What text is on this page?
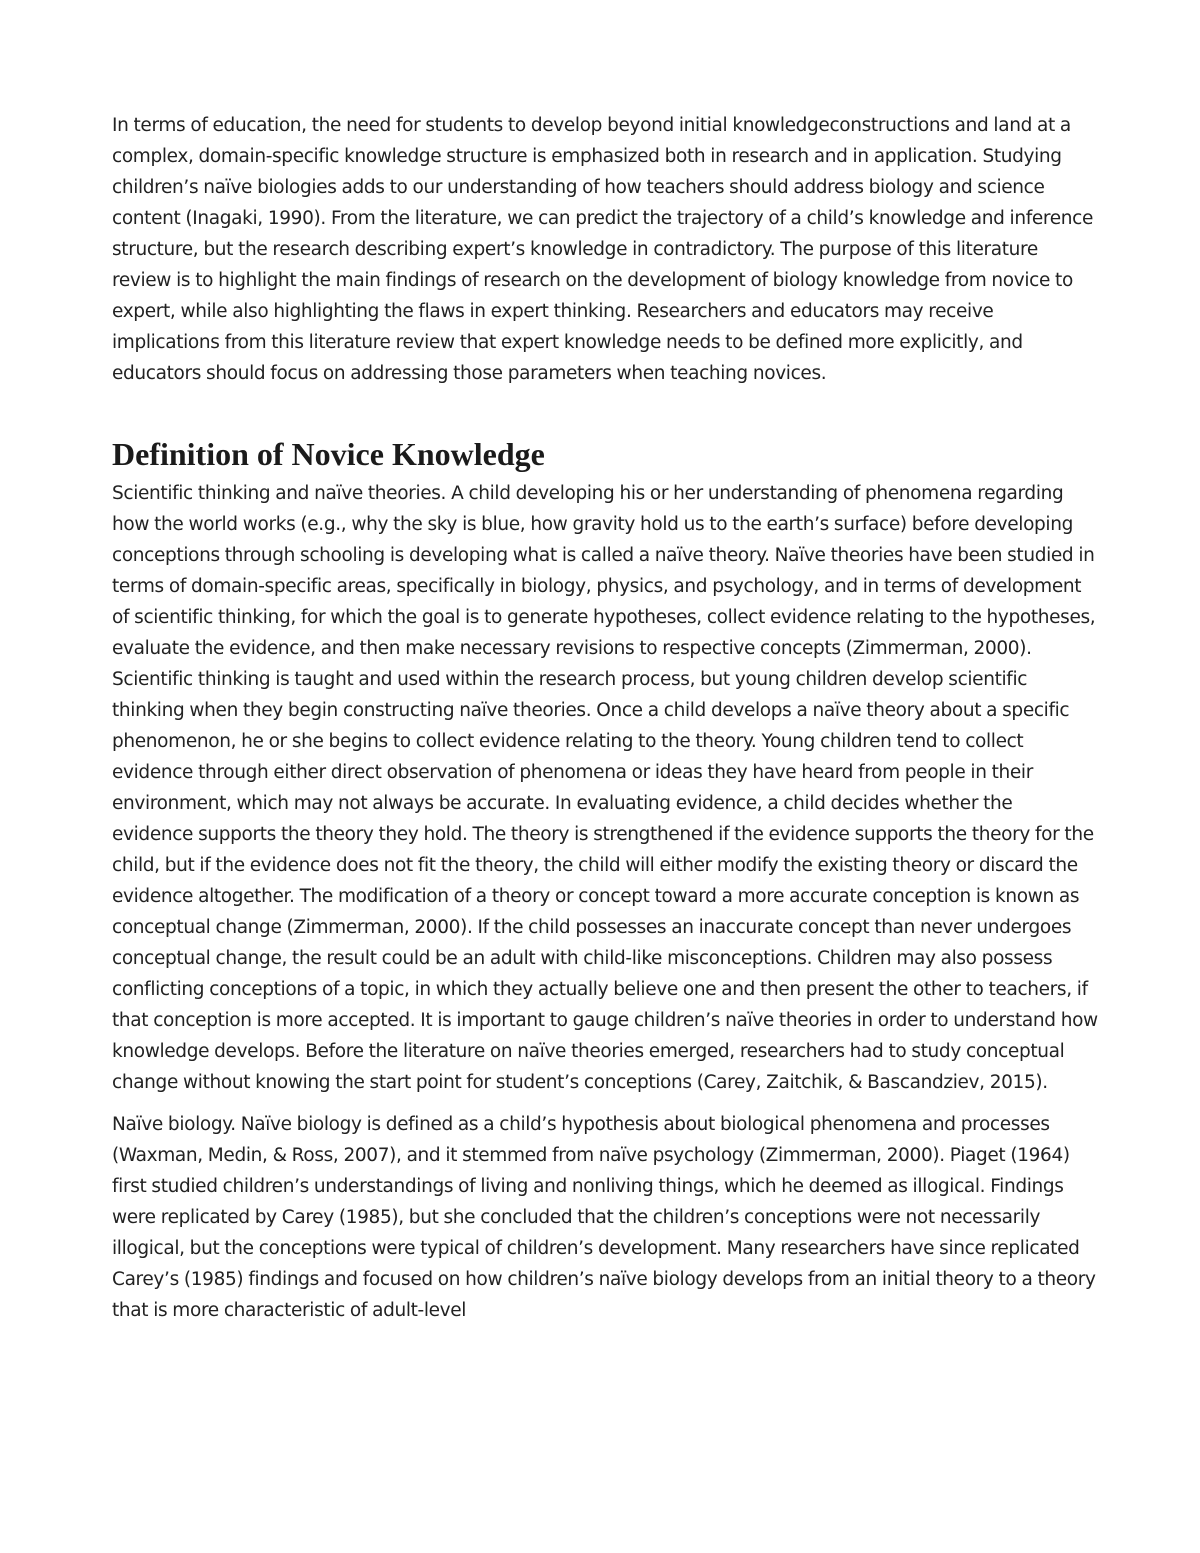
In terms of education, the need for students to develop beyond initial knowledgeconstructions and land at a complex, domain-specific knowledge structure is emphasized both in research and in application. Studying children’s naïve biologies adds to our understanding of how teachers should address biology and science content (Inagaki, 1990). From the literature, we can predict the trajectory of a child’s knowledge and inference structure, but the research describing expert’s knowledge in contradictory. The purpose of this literature review is to highlight the main findings of research on the development of biology knowledge from novice to expert, while also highlighting the flaws in expert thinking. Researchers and educators may receive implications from this literature review that expert knowledge needs to be defined more explicitly, and educators should focus on addressing those parameters when teaching novices.

Definition of Novice Knowledge

Scientific thinking and naïve theories. A child developing his or her understanding of phenomena regarding how the world works (e.g., why the sky is blue, how gravity hold us to the earth’s surface) before developing conceptions through schooling is developing what is called a naïve theory. Naïve theories have been studied in terms of domain-specific areas, specifically in biology, physics, and psychology, and in terms of development of scientific thinking, for which the goal is to generate hypotheses, collect evidence relating to the hypotheses, evaluate the evidence, and then make necessary revisions to respective concepts (Zimmerman, 2000). Scientific thinking is taught and used within the research process, but young children develop scientific thinking when they begin constructing naïve theories. Once a child develops a naïve theory about a specific phenomenon, he or she begins to collect evidence relating to the theory. Young children tend to collect evidence through either direct observation of phenomena or ideas they have heard from people in their environment, which may not always be accurate. In evaluating evidence, a child decides whether the evidence supports the theory they hold. The theory is strengthened if the evidence supports the theory for the child, but if the evidence does not fit the theory, the child will either modify the existing theory or discard the evidence altogether. The modification of a theory or concept toward a more accurate conception is known as conceptual change (Zimmerman, 2000). If the child possesses an inaccurate concept than never undergoes conceptual change, the result could be an adult with child-like misconceptions. Children may also possess conflicting conceptions of a topic, in which they actually believe one and then present the other to teachers, if that conception is more accepted. It is important to gauge children’s naïve theories in order to understand how knowledge develops. Before the literature on naïve theories emerged, researchers had to study conceptual change without knowing the start point for student’s conceptions (Carey, Zaitchik, & Bascandziev, 2015).

Naïve biology. Naïve biology is defined as a child’s hypothesis about biological phenomena and processes (Waxman, Medin, & Ross, 2007), and it stemmed from naïve psychology (Zimmerman, 2000). Piaget (1964) first studied children’s understandings of living and nonliving things, which he deemed as illogical. Findings were replicated by Carey (1985), but she concluded that the children’s conceptions were not necessarily illogical, but the conceptions were typical of children’s development. Many researchers have since replicated Carey’s (1985) findings and focused on how children’s naïve biology develops from an initial theory to a theory that is more characteristic of adult-level
